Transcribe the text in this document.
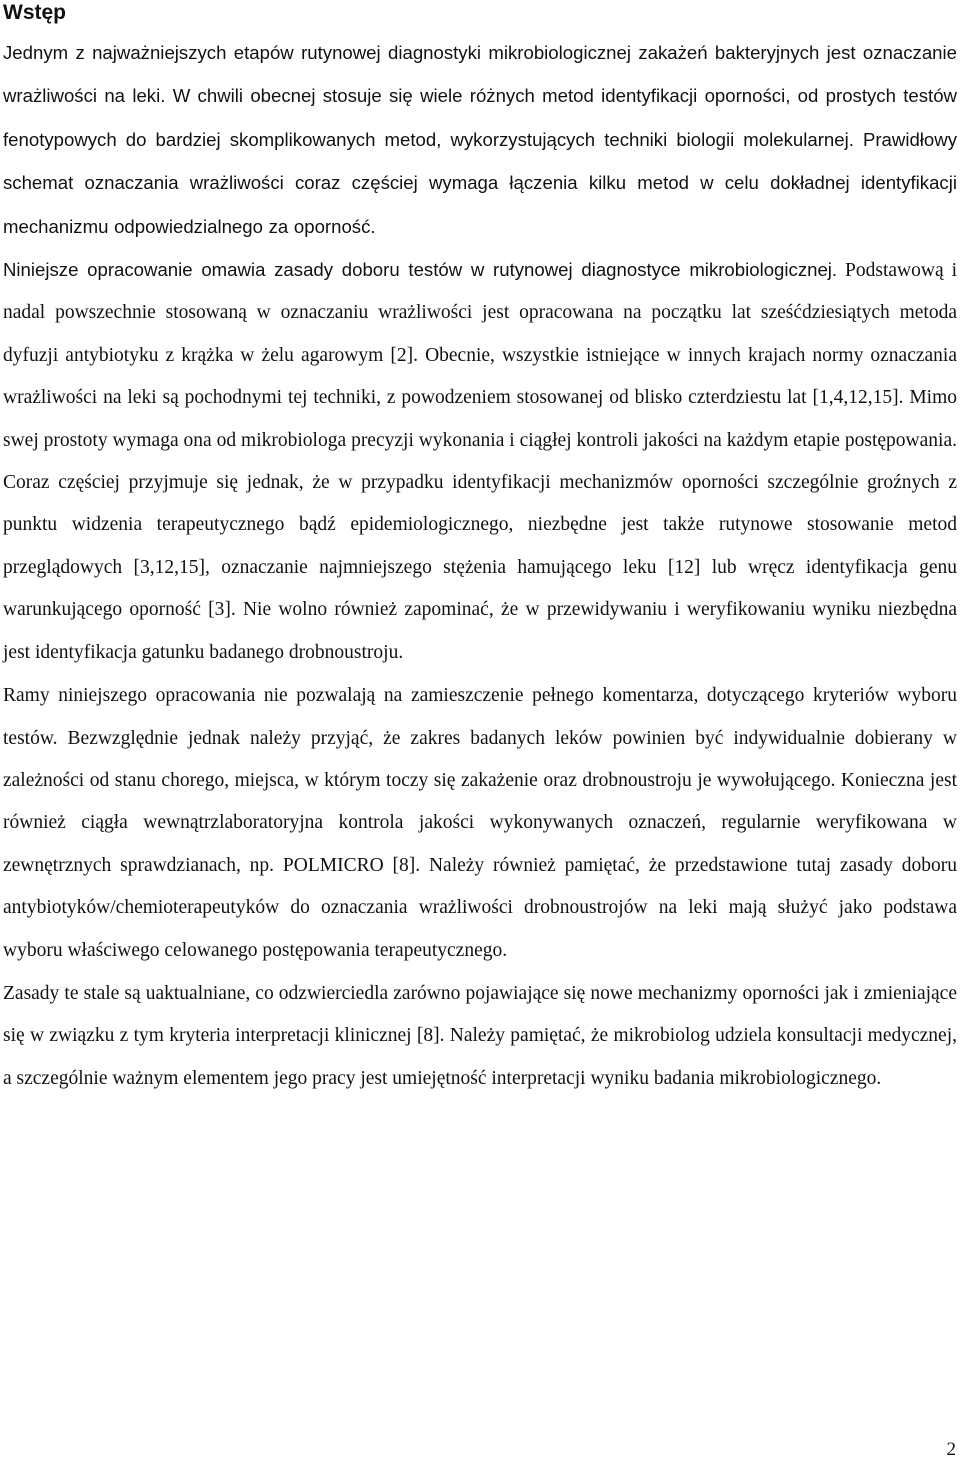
Wstęp

Jednym z najważniejszych etapów rutynowej diagnostyki mikrobiologicznej zakażeń bakteryjnych jest oznaczanie wrażliwości na leki. W chwili obecnej stosuje się wiele różnych metod identyfikacji oporności, od prostych testów fenotypowych do bardziej skomplikowanych metod, wykorzystujących techniki biologii molekularnej. Prawidłowy schemat oznaczania wrażliwości coraz częściej wymaga łączenia kilku metod w celu dokładnej identyfikacji mechanizmu odpowiedzialnego za oporność.

Niniejsze opracowanie omawia zasady doboru testów w rutynowej diagnostyce mikrobiologicznej. Podstawową i nadal powszechnie stosowaną w oznaczaniu wrażliwości jest opracowana na początku lat sześćdziesiątych metoda dyfuzji antybiotyku z krążka w żelu agarowym [2]. Obecnie, wszystkie istniejące w innych krajach normy oznaczania wrażliwości na leki są pochodnymi tej techniki, z powodzeniem stosowanej od blisko czterdziestu lat [1,4,12,15]. Mimo swej prostoty wymaga ona od mikrobiologa precyzji wykonania i ciągłej kontroli jakości na każdym etapie postępowania. Coraz częściej przyjmuje się jednak, że w przypadku identyfikacji mechanizmów oporności szczególnie groźnych z punktu widzenia terapeutycznego bądź epidemiologicznego, niezbędne jest także rutynowe stosowanie metod przeglądowych [3,12,15], oznaczanie najmniejszego stężenia hamującego leku [12] lub wręcz identyfikacja genu warunkującego oporność [3]. Nie wolno również zapominać, że w przewidywaniu i weryfikowaniu wyniku niezbędna jest identyfikacja gatunku badanego drobnoustroju.

Ramy niniejszego opracowania nie pozwalają na zamieszczenie pełnego komentarza, dotyczącego kryteriów wyboru testów. Bezwzględnie jednak należy przyjąć, że zakres badanych leków powinien być indywidualnie dobierany w zależności od stanu chorego, miejsca, w którym toczy się zakażenie oraz drobnoustroju je wywołującego. Konieczna jest również ciągła wewnątrzlaboratoryjna kontrola jakości wykonywanych oznaczeń, regularnie weryfikowana w zewnętrznych sprawdzianach, np. POLMICRO [8]. Należy również pamiętać, że przedstawione tutaj zasady doboru antybiotyków/chemioterapeutyków do oznaczania wrażliwości drobnoustrojów na leki mają służyć jako podstawa wyboru właściwego celowanego postępowania terapeutycznego.

Zasady te stale są uaktualniane, co odzwierciedla zarówno pojawiające się nowe mechanizmy oporności jak i zmieniające się w związku z tym kryteria interpretacji klinicznej [8]. Należy pamiętać, że mikrobiolog udziela konsultacji medycznej, a szczególnie ważnym elementem jego pracy jest umiejętność interpretacji wyniku badania mikrobiologicznego.

2
